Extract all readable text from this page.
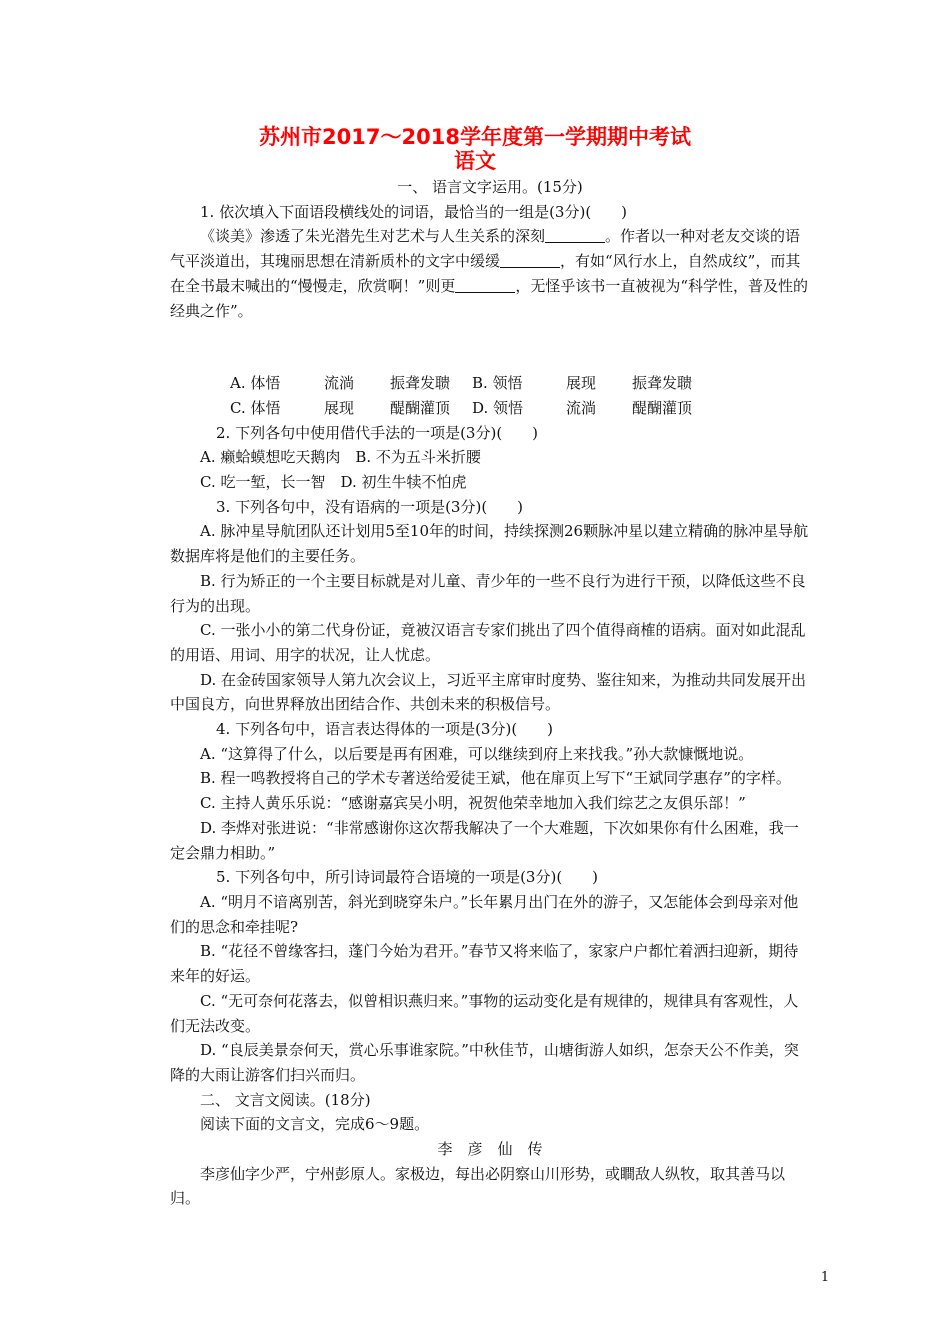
苏州市2017～2018学年度第一学期期中考试
语文

一、 语言文字运用。(15分)

1. 依次填入下面语段横线处的词语，最恰当的一组是(3分)(　　)

《谈美》渗透了朱光潜先生对艺术与人生关系的深刻	。作者以一种对老友交谈的语气平淡道出，其瑰丽思想在清新质朴的文字中缓缓	，有如“风行水上，自然成纹”，而其在全书最末喊出的“慢慢走，欣赏啊！”则更	，无怪乎该书一直被视为“科学性，普及性的经典之作”。

A. 体悟	流淌 振聋发聩 B. 领悟	展现 振聋发聩

C. 体悟	展现 醍醐灌顶 D. 领悟	流淌 醍醐灌顶

2. 下列各句中使用借代手法的一项是(3分)(　　)

A. 癞蛤蟆想吃天鹅肉　B. 不为五斗米折腰

C. 吃一堑，长一智　D. 初生牛犊不怕虎

3. 下列各句中，没有语病的一项是(3分)(　　)

A. 脉冲星导航团队还计划用5至10年的时间，持续探测26颗脉冲星以建立精确的脉冲星导航数据库将是他们的主要任务。

B. 行为矫正的一个主要目标就是对儿童、青少年的一些不良行为进行干预，以降低这些不良行为的出现。

C. 一张小小的第二代身份证，竟被汉语言专家们挑出了四个值得商榷的语病。面对如此混乱的用语、用词、用字的状况，让人忧虑。

D. 在金砖国家领导人第九次会议上，习近平主席审时度势、鉴往知来，为推动共同发展开出中国良方，向世界释放出团结合作、共创未来的积极信号。

4. 下列各句中，语言表达得体的一项是(3分)(　　)

A. “这算得了什么，以后要是再有困难，可以继续到府上来找我。”孙大款慷慨地说。

B. 程一鸣教授将自己的学术专著送给爱徒王斌，他在扉页上写下“王斌同学惠存”的字样。

C. 主持人黄乐乐说：“感谢嘉宾吴小明，祝贺他荣幸地加入我们综艺之友俱乐部！”

D. 李烨对张进说：“非常感谢你这次帮我解决了一个大难题，下次如果你有什么困难，我一定会鼎力相助。”

5. 下列各句中，所引诗词最符合语境的一项是(3分)(　　)

A. “明月不谙离别苦，斜光到晓穿朱户。”长年累月出门在外的游子，又怎能体会到母亲对他们的思念和牵挂呢?

B. “花径不曾缘客扫，蓬门今始为君开。”春节又将来临了，家家户户都忙着洒扫迎新，期待来年的好运。

C. “无可奈何花落去，似曾相识燕归来。”事物的运动变化是有规律的，规律具有客观性，人们无法改变。

D. “良辰美景奈何天，赏心乐事谁家院。”中秋佳节，山塘街游人如织，怎奈天公不作美，突降的大雨让游客们扫兴而归。

二、 文言文阅读。(18分)

阅读下面的文言文，完成6～9题。

李　彦　仙　传

李彦仙字少严，宁州彭原人。家极边，每出必阴察山川形势，或瞷敌人纵牧，取其善马以归。

1
